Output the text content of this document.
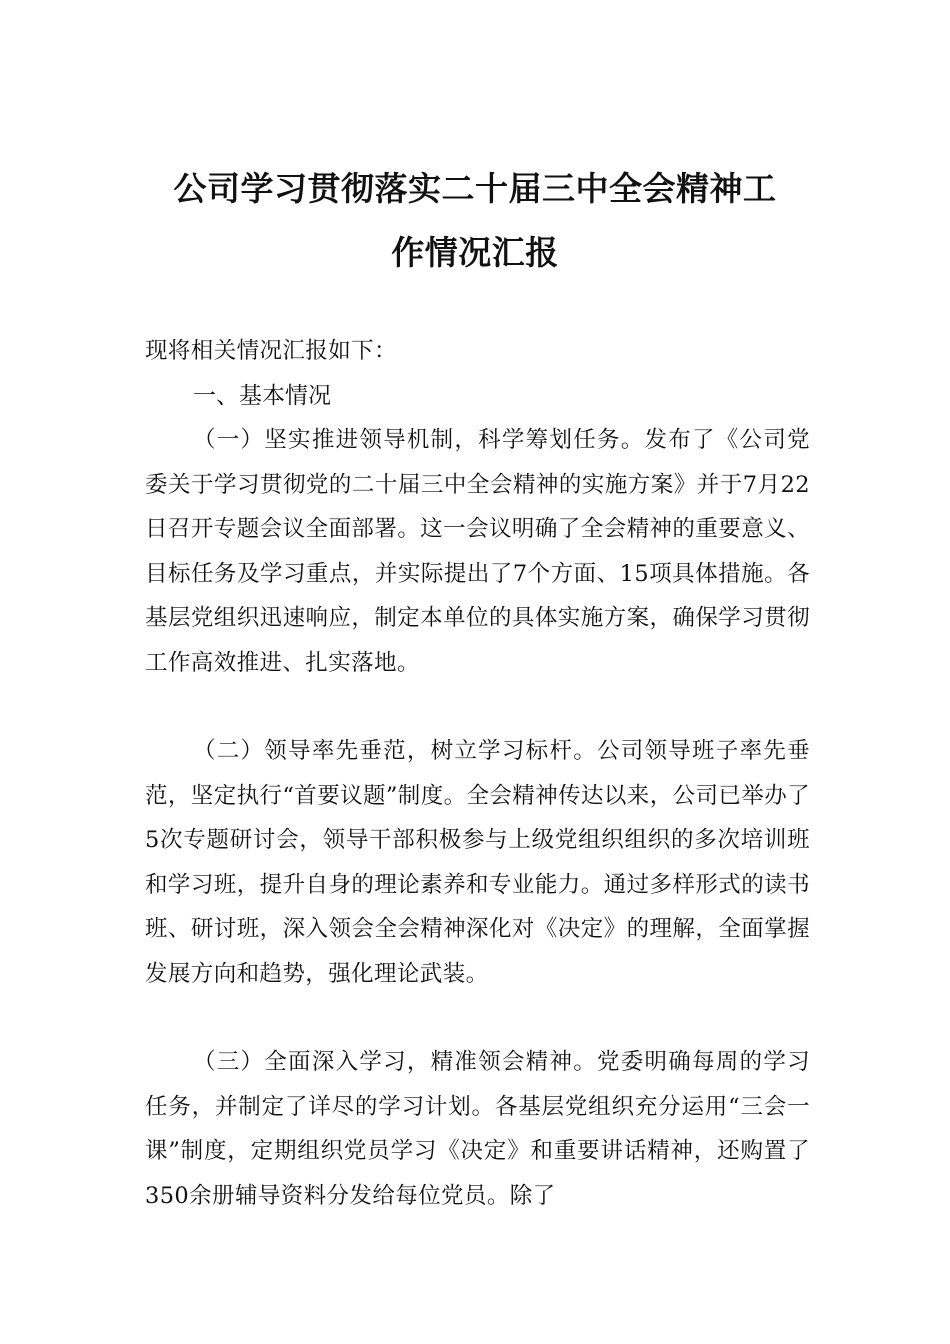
公司学习贯彻落实二十届三中全会精神工
作情况汇报
现将相关情况汇报如下：
一、基本情况

（一）坚实推进领导机制，科学筹划任务。发布了《公司党委关于学习贯彻党的二十届三中全会精神的实施方案》并于7月22日召开专题会议全面部署。这一会议明确了全会精神的重要意义、目标任务及学习重点，并实际提出了7个方面、15项具体措施。各基层党组织迅速响应，制定本单位的具体实施方案，确保学习贯彻工作高效推进、扎实落地。

（二）领导率先垂范，树立学习标杆。公司领导班子率先垂范，坚定执行“首要议题”制度。全会精神传达以来，公司已举办了5次专题研讨会，领导干部积极参与上级党组织组织的多次培训班和学习班，提升自身的理论素养和专业能力。通过多样形式的读书班、研讨班，深入领会全会精神深化对《决定》的理解，全面掌握发展方向和趋势，强化理论武装。

（三）全面深入学习，精准领会精神。党委明确每周的学习任务，并制定了详尽的学习计划。各基层党组织充分运用“三会一课”制度，定期组织党员学习《决定》和重要讲话精神，还购置了350余册辅导资料分发给每位党员。除了
